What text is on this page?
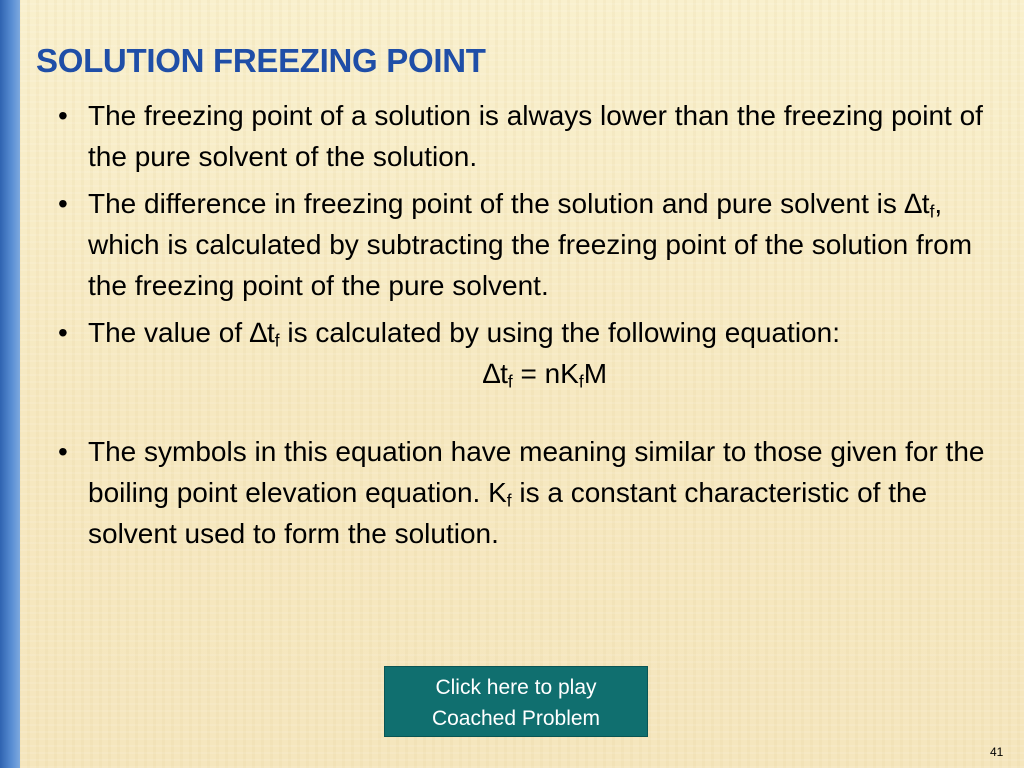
SOLUTION FREEZING POINT

• The freezing point of a solution is always lower than the freezing point of the pure solvent of the solution.

• The difference in freezing point of the solution and pure solvent is $\Delta t_f$, which is calculated by subtracting the freezing point of the solution from the freezing point of the pure solvent.

• The value of $\Delta t_f$ is calculated by using the following equation:

$\Delta t_f = nK_fM$

• The symbols in this equation have meaning similar to those given for the boiling point elevation equation. $K_f$ is a constant characteristic of the solvent used to form the solution.

Click here to play
Coached Problem
41
